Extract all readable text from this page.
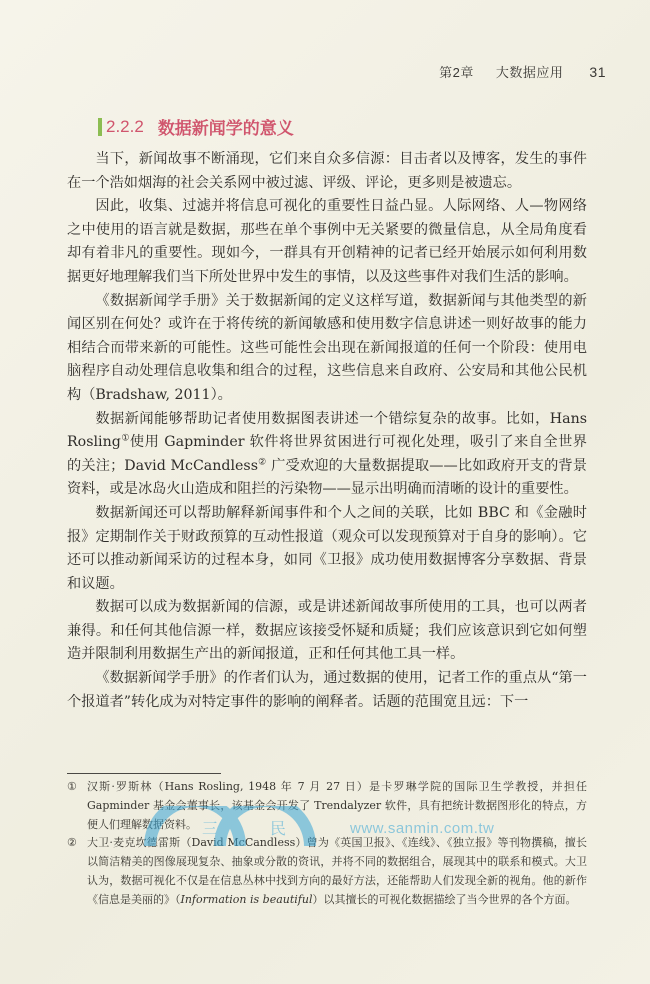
第2章 大数据应用 31
2.2.2 数据新闻学的意义

当下，新闻故事不断涌现，它们来自众多信源：目击者以及博客，发生的事件在一个浩如烟海的社会关系网中被过滤、评级、评论，更多则是被遗忘。

因此，收集、过滤并将信息可视化的重要性日益凸显。人际网络、人—物网络之中使用的语言就是数据，那些在单个事例中无关紧要的微量信息，从全局角度看却有着非凡的重要性。现如今，一群具有开创精神的记者已经开始展示如何利用数据更好地理解我们当下所处世界中发生的事情，以及这些事件对我们生活的影响。

《数据新闻学手册》关于数据新闻的定义这样写道，数据新闻与其他类型的新闻区别在何处？或许在于将传统的新闻敏感和使用数字信息讲述一则好故事的能力相结合而带来新的可能性。这些可能性会出现在新闻报道的任何一个阶段：使用电脑程序自动处理信息收集和组合的过程，这些信息来自政府、公安局和其他公民机构（Bradshaw, 2011）。

数据新闻能够帮助记者使用数据图表讲述一个错综复杂的故事。比如，Hans Rosling①使用 Gapminder 软件将世界贫困进行可视化处理，吸引了来自全世界的关注；David McCandless② 广受欢迎的大量数据提取——比如政府开支的背景资料，或是冰岛火山造成和阻拦的污染物——显示出明确而清晰的设计的重要性。

数据新闻还可以帮助解释新闻事件和个人之间的关联，比如 BBC 和《金融时报》定期制作关于财政预算的互动性报道（观众可以发现预算对于自身的影响）。它还可以推动新闻采访的过程本身，如同《卫报》成功使用数据博客分享数据、背景和议题。

数据可以成为数据新闻的信源，或是讲述新闻故事所使用的工具，也可以两者兼得。和任何其他信源一样，数据应该接受怀疑和质疑；我们应该意识到它如何塑造并限制利用数据生产出的新闻报道，正和任何其他工具一样。

《数据新闻学手册》的作者们认为，通过数据的使用，记者工作的重点从“第一个报道者”转化成为对特定事件的影响的阐释者。话题的范围宽且远：下一

① 汉斯·罗斯林（Hans Rosling, 1948 年 7 月 27 日）是卡罗琳学院的国际卫生学教授，并担任 Gapminder 基金会董事长，该基金会开发了 Trendalyzer 软件，具有把统计数据图形化的特点，方便人们理解数据资料。
② 大卫·麦克坎德雷斯（David McCandless）曾为《英国卫报》、《连线》、《独立报》等刊物撰稿，擅长以简洁精美的图像展现复杂、抽象或分散的资讯，并将不同的数据组合，展现其中的联系和模式。大卫认为，数据可视化不仅是在信息丛林中找到方向的最好方法，还能帮助人们发现全新的视角。他的新作《信息是美丽的》（Information is beautiful）以其擅长的可视化数据描绘了当今世界的各个方面。
三	民	www.sanmin.com.tw
